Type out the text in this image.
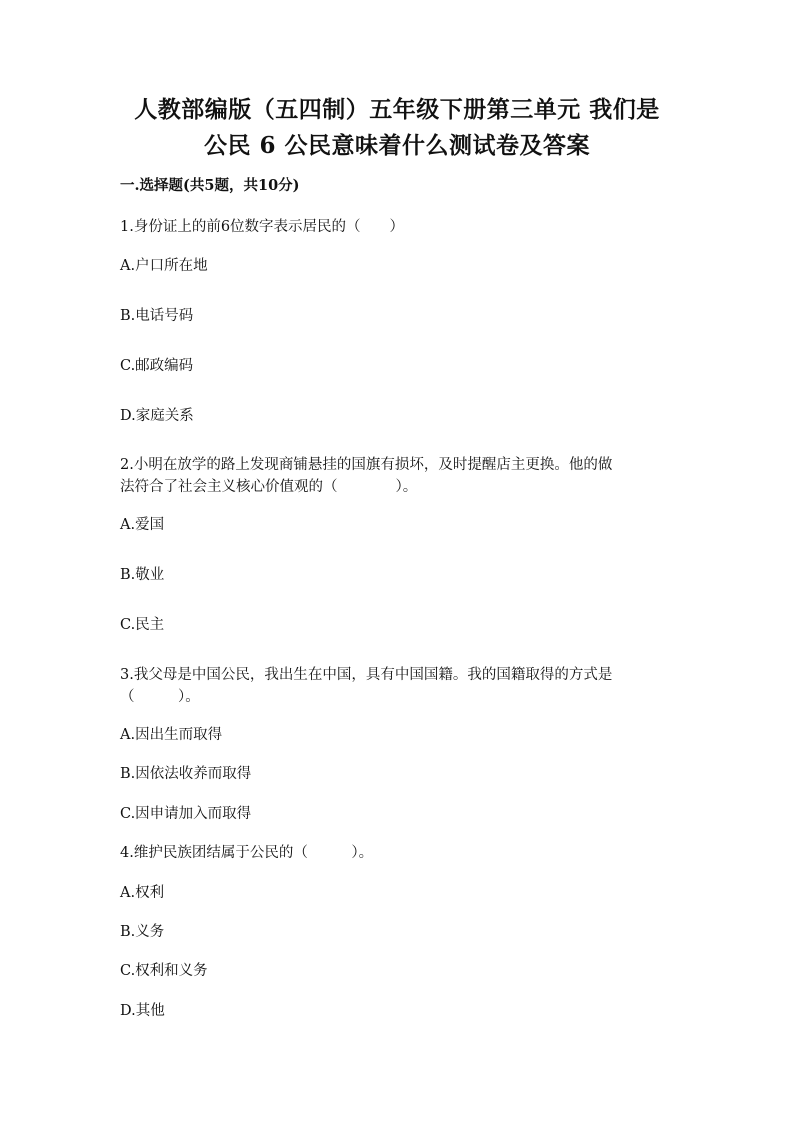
人教部编版（五四制）五年级下册第三单元 我们是
公民 6 公民意味着什么测试卷及答案
一.选择题(共5题，共10分)
1.身份证上的前6位数字表示居民的（　　）
A.户口所在地
B.电话号码
C.邮政编码
D.家庭关系
2.小明在放学的路上发现商铺悬挂的国旗有损坏，及时提醒店主更换。他的做
法符合了社会主义核心价值观的（　　　　）。
A.爱国
B.敬业
C.民主
3.我父母是中国公民，我出生在中国，具有中国国籍。我的国籍取得的方式是
（　　　）。
A.因出生而取得
B.因依法收养而取得
C.因申请加入而取得
4.维护民族团结属于公民的（　　　）。
A.权利
B.义务
C.权利和义务
D.其他
